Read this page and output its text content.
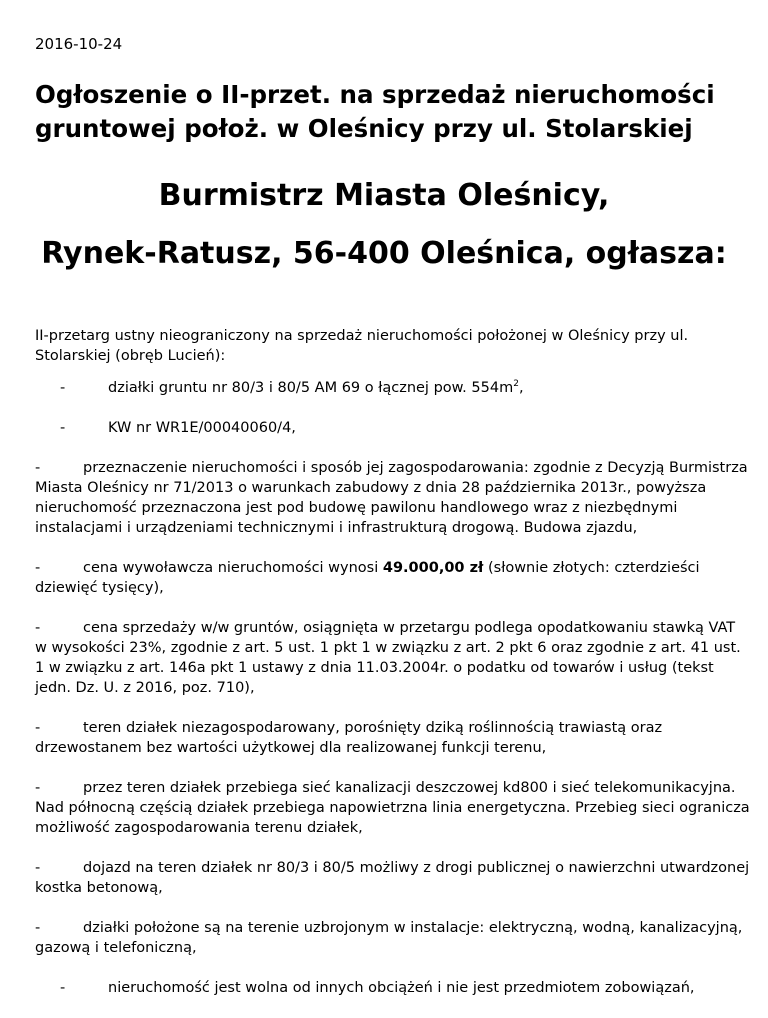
2016-10-24
Ogłoszenie o II-przet. na sprzedaż nieruchomości gruntowej położ. w Oleśnicy przy ul. Stolarskiej
Burmistrz Miasta Oleśnicy,
Rynek-Ratusz, 56-400 Oleśnica, ogłasza:

II-przetarg ustny nieograniczony na sprzedaż nieruchomości położonej w Oleśnicy przy ul. Stolarskiej (obręb Lucień):

-	działki gruntu nr 80/3 i 80/5 AM 69 o łącznej pow. $554m^2$,

-	KW nr WR1E/00040060/4,

-	przeznaczenie nieruchomości i sposób jej zagospodarowania: zgodnie z Decyzją Burmistrza Miasta Oleśnicy nr 71/2013 o warunkach zabudowy z dnia 28 października 2013r., powyższa nieruchomość przeznaczona jest pod budowę pawilonu handlowego wraz z niezbędnymi instalacjami i urządzeniami technicznymi i infrastrukturą drogową. Budowa zjazdu,

-	cena wywoławcza nieruchomości wynosi 49.000,00 zł (słownie złotych: czterdzieści dziewięć tysięcy),

-	cena sprzedaży w/w gruntów, osiągnięta w przetargu podlega opodatkowaniu stawką VAT w wysokości 23%, zgodnie z art. 5 ust. 1 pkt 1 w związku z art. 2 pkt 6 oraz zgodnie z art. 41 ust. 1 w związku z art. 146a pkt 1 ustawy z dnia 11.03.2004r. o podatku od towarów i usług (tekst jedn. Dz. U. z 2016, poz. 710),

-	teren działek niezagospodarowany, porośnięty dziką roślinnością trawiastą oraz drzewostanem bez wartości użytkowej dla realizowanej funkcji terenu,

-	przez teren działek przebiega sieć kanalizacji deszczowej kd800 i sieć telekomunikacyjna. Nad północną częścią działek przebiega napowietrzna linia energetyczna. Przebieg sieci ogranicza możliwość zagospodarowania terenu działek,

-	dojazd na teren działek nr 80/3 i 80/5 możliwy z drogi publicznej o nawierzchni utwardzonej kostka betonową,

-	działki położone są na terenie uzbrojonym w instalacje: elektryczną, wodną, kanalizacyjną, gazową i telefoniczną,

-	nieruchomość jest wolna od innych obciążeń i nie jest przedmiotem zobowiązań,
